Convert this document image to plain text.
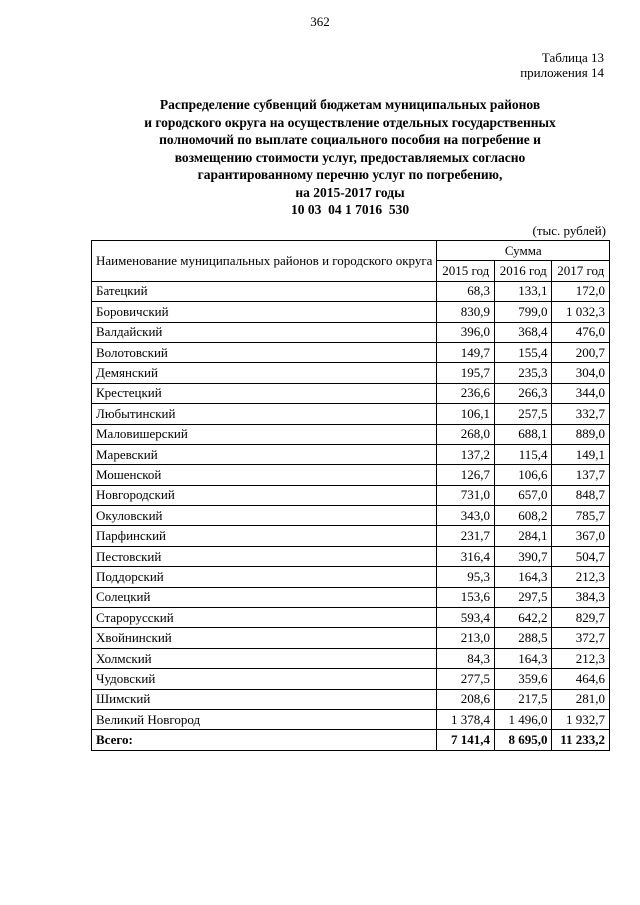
362
Таблица 13
приложения 14
Распределение субвенций бюджетам муниципальных районов
и городского округа на осуществление отдельных государственных
полномочий по выплате социального пособия на погребение и
возмещению стоимости услуг, предоставляемых согласно
гарантированному перечню услуг по погребению,
на 2015-2017 годы
10 03  04 1 7016  530
(тыс. рублей)
Наименование муниципальных районов и городского округа	Сумма		
	2015 год	2016 год	2017 год
Батецкий	68,3	133,1	172,0
Боровичский	830,9	799,0	1 032,3
Валдайский	396,0	368,4	476,0
Волотовский	149,7	155,4	200,7
Демянский	195,7	235,3	304,0
Крестецкий	236,6	266,3	344,0
Любытинский	106,1	257,5	332,7
Маловишерский	268,0	688,1	889,0
Маревский	137,2	115,4	149,1
Мошенской	126,7	106,6	137,7
Новгородский	731,0	657,0	848,7
Окуловский	343,0	608,2	785,7
Парфинский	231,7	284,1	367,0
Пестовский	316,4	390,7	504,7
Поддорский	95,3	164,3	212,3
Солецкий	153,6	297,5	384,3
Старорусский	593,4	642,2	829,7
Хвойнинский	213,0	288,5	372,7
Холмский	84,3	164,3	212,3
Чудовский	277,5	359,6	464,6
Шимский	208,6	217,5	281,0
Великий Новгород	1 378,4	1 496,0	1 932,7
Всего:	7 141,4	8 695,0	11 233,2
